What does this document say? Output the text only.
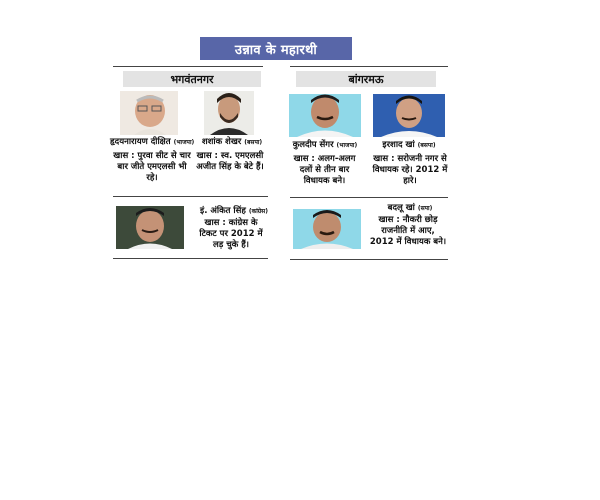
उन्नाव के महारथी
भगवंतनगर	बांगरमऊ
हृदयनारायण दीक्षित (भाजपा)
खास : पुरवा सीट से चार बार जीते एमएलसी भी रहे।
शशांक शेखर (बसपा)
खास : स्व. एमएलसी अजीत सिंह के बेटे हैं।
इं. अंकित सिंह (कांग्रेस)
खास : कांग्रेस के टिकट पर 2012 में लड़ चुके हैं।
कुलदीप सेंगर (भाजपा)
खास : अलग-अलग दलों से तीन बार विधायक बने।
इरशाद खां (बसपा)
खास : सरोजनी नगर से विधायक रहे। 2012 में हारे।
बदलू खां (सपा)
खास : नौकरी छोड़ राजनीति में आए, 2012 में विधायक बने।
